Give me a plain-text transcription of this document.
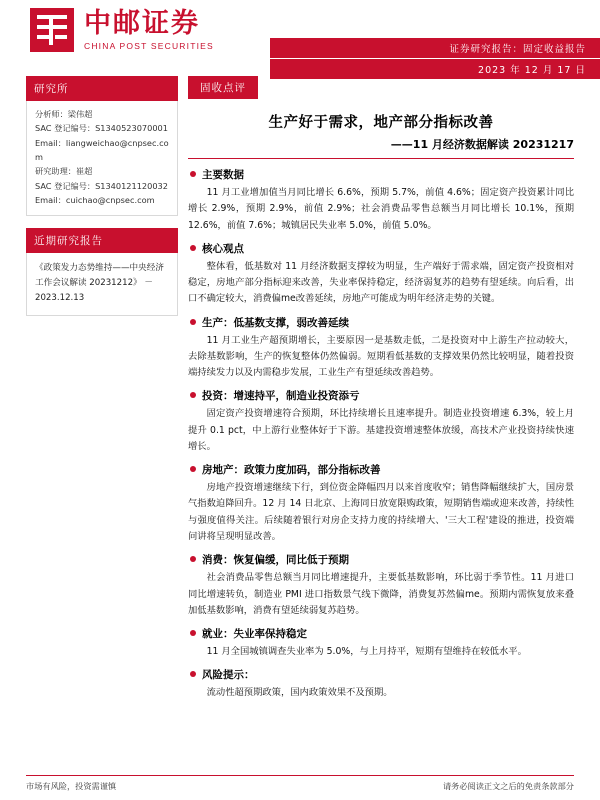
中邮证券
CHINA POST SECURITIES	证券研究报告：固定收益报告
2023 年 12 月 17 日
研究所
分析师：梁伟超
SAC 登记编号：S1340523070001
Email：liangweichao@cnpsec.com
研究助理：崔超
SAC 登记编号：S1340121120032
Email：cuichao@cnpsec.com
近期研究报告
《政策发力态势维持——中央经济工作会议解读 20231212》 － 2023.12.13
固收点评
生产好于需求，地产部分指标改善
——11 月经济数据解读 20231217
主要数据

11 月工业增加值当月同比增长 6.6%，预期 5.7%，前值 4.6%；固定资产投资累计同比增长 2.9%，预期 2.9%，前值 2.9%；社会消费品零售总额当月同比增长 10.1%，预期 12.6%，前值 7.6%；城镇居民失业率 5.0%，前值 5.0%。

核心观点

整体看，低基数对 11 月经济数据支撑较为明显，生产端好于需求端，固定资产投资相对稳定，房地产部分指标迎来改善，失业率保持稳定，经济弱复苏的趋势有望延续。向后看，出口不确定较大，消费偏me改善延续，房地产可能成为明年经济走势的关键。

生产：低基数支撑，弱改善延续

11 月工业生产超预期增长，主要原因一是基数走低，二是投资对中上游生产拉动较大，去除基数影响，生产的恢复整体仍然偏弱。短期看低基数的支撑效果仍然比较明显，随着投资端持续发力以及内需稳步发展，工业生产有望延续改善趋势。

投资：增速持平，制造业投资添亏

固定资产投资增速符合预期，环比持续增长且速率提升。制造业投资增速 6.3%，较上月提升 0.1 pct，中上游行业整体好于下游。基建投资增速整体放缓，高技术产业投资持续快速增长。

房地产：政策力度加码，部分指标改善

房地产投资增速继续下行，到位资金降幅四月以来首度收窄；销售降幅继续扩大，国房景气指数迫降回升。12 月 14 日北京、上海同日放宽限购政策，短期销售端或迎来改善，持续性与强度值得关注。后续随着银行对房企支持力度的持续增大、'三大工程'建设的推进，投资端问讲将呈现明显改善。

消费：恢复偏缓，同比低于预期

社会消费品零售总额当月同比增速提升，主要低基数影响，环比弱于季节性。11 月进口同比增速转负，制造业 PMI 进口指数景气线下微降，消费复苏然偏me。预期内需恢复放来叠加低基数影响，消费有望延续弱复苏趋势。

就业：失业率保持稳定

11 月全国城镇调查失业率为 5.0%，与上月持平，短期有望维持在较低水平。

风险提示：

流动性超预期政策，国内政策效果不及预期。

市场有风险，投资需谨慎	请务必阅读正文之后的免责条款部分
